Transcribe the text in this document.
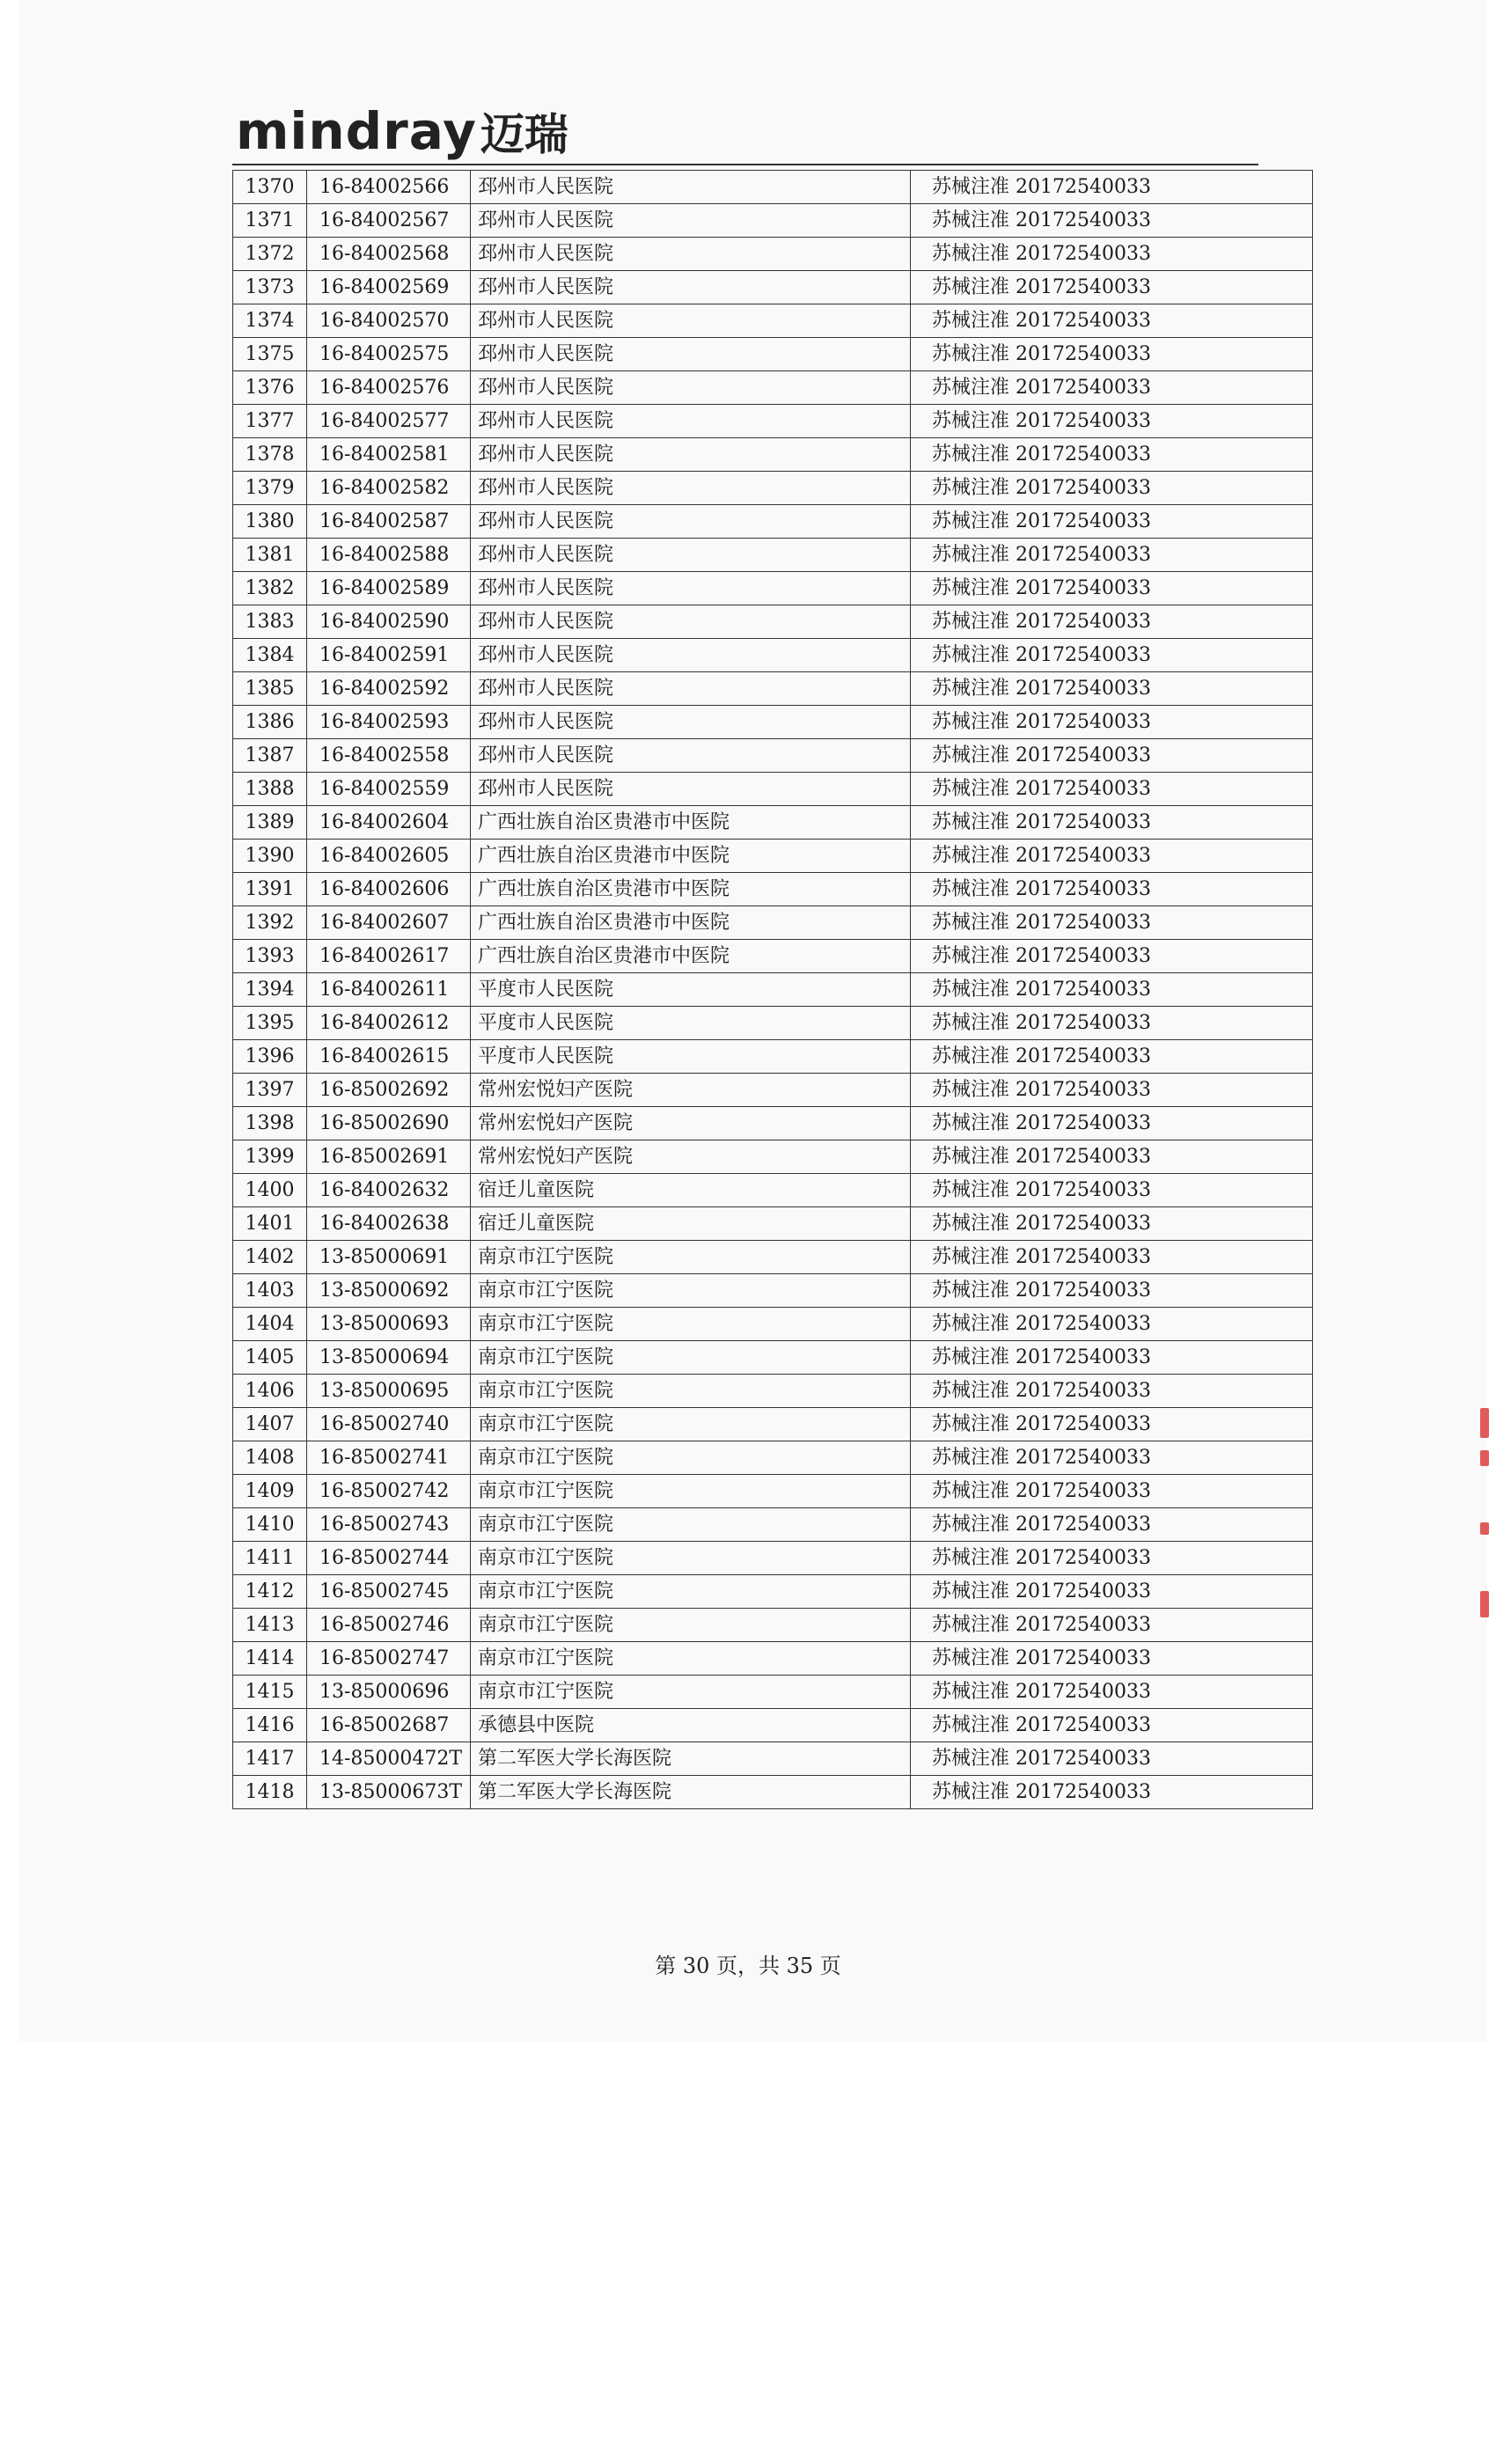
mindray 迈瑞
1370	16-84002566	邳州市人民医院	苏械注准 20172540033
1371	16-84002567	邳州市人民医院	苏械注准 20172540033
1372	16-84002568	邳州市人民医院	苏械注准 20172540033
1373	16-84002569	邳州市人民医院	苏械注准 20172540033
1374	16-84002570	邳州市人民医院	苏械注准 20172540033
1375	16-84002575	邳州市人民医院	苏械注准 20172540033
1376	16-84002576	邳州市人民医院	苏械注准 20172540033
1377	16-84002577	邳州市人民医院	苏械注准 20172540033
1378	16-84002581	邳州市人民医院	苏械注准 20172540033
1379	16-84002582	邳州市人民医院	苏械注准 20172540033
1380	16-84002587	邳州市人民医院	苏械注准 20172540033
1381	16-84002588	邳州市人民医院	苏械注准 20172540033
1382	16-84002589	邳州市人民医院	苏械注准 20172540033
1383	16-84002590	邳州市人民医院	苏械注准 20172540033
1384	16-84002591	邳州市人民医院	苏械注准 20172540033
1385	16-84002592	邳州市人民医院	苏械注准 20172540033
1386	16-84002593	邳州市人民医院	苏械注准 20172540033
1387	16-84002558	邳州市人民医院	苏械注准 20172540033
1388	16-84002559	邳州市人民医院	苏械注准 20172540033
1389	16-84002604	广西壮族自治区贵港市中医院	苏械注准 20172540033
1390	16-84002605	广西壮族自治区贵港市中医院	苏械注准 20172540033
1391	16-84002606	广西壮族自治区贵港市中医院	苏械注准 20172540033
1392	16-84002607	广西壮族自治区贵港市中医院	苏械注准 20172540033
1393	16-84002617	广西壮族自治区贵港市中医院	苏械注准 20172540033
1394	16-84002611	平度市人民医院	苏械注准 20172540033
1395	16-84002612	平度市人民医院	苏械注准 20172540033
1396	16-84002615	平度市人民医院	苏械注准 20172540033
1397	16-85002692	常州宏悦妇产医院	苏械注准 20172540033
1398	16-85002690	常州宏悦妇产医院	苏械注准 20172540033
1399	16-85002691	常州宏悦妇产医院	苏械注准 20172540033
1400	16-84002632	宿迁儿童医院	苏械注准 20172540033
1401	16-84002638	宿迁儿童医院	苏械注准 20172540033
1402	13-85000691	南京市江宁医院	苏械注准 20172540033
1403	13-85000692	南京市江宁医院	苏械注准 20172540033
1404	13-85000693	南京市江宁医院	苏械注准 20172540033
1405	13-85000694	南京市江宁医院	苏械注准 20172540033
1406	13-85000695	南京市江宁医院	苏械注准 20172540033
1407	16-85002740	南京市江宁医院	苏械注准 20172540033
1408	16-85002741	南京市江宁医院	苏械注准 20172540033
1409	16-85002742	南京市江宁医院	苏械注准 20172540033
1410	16-85002743	南京市江宁医院	苏械注准 20172540033
1411	16-85002744	南京市江宁医院	苏械注准 20172540033
1412	16-85002745	南京市江宁医院	苏械注准 20172540033
1413	16-85002746	南京市江宁医院	苏械注准 20172540033
1414	16-85002747	南京市江宁医院	苏械注准 20172540033
1415	13-85000696	南京市江宁医院	苏械注准 20172540033
1416	16-85002687	承德县中医院	苏械注准 20172540033
1417	14-85000472T	第二军医大学长海医院	苏械注准 20172540033
1418	13-85000673T	第二军医大学长海医院	苏械注准 20172540033
第 30 页，共 35 页
